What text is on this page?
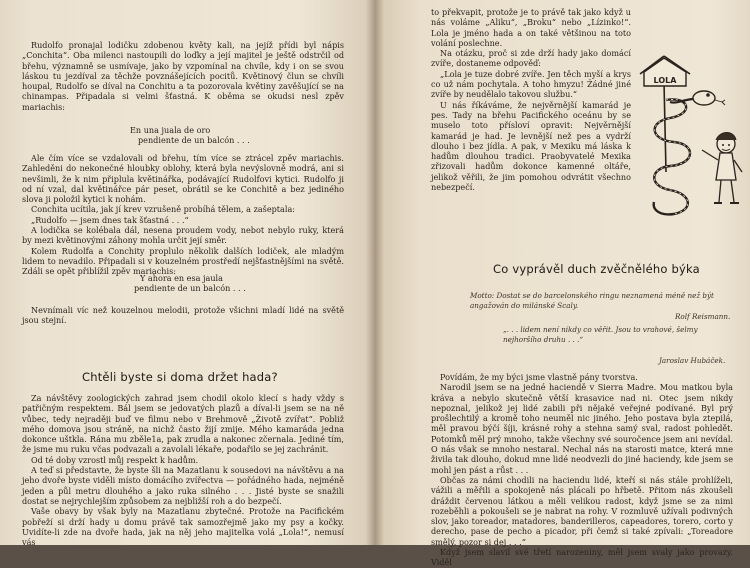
Rudolfo pronajal lodičku zdobenou květy kali, na jejíž přídi byl nápis „Conchita“. Oba milenci nastoupili do loďky a její majitel je ještě odstrčil od břehu, významně se usmívaje, jako by vzpomínal na chvíle, kdy i on se svou láskou tu jezdíval za těchže povznášejících pocitů. Květinový člun se chvíli houpal, Rudolfo se díval na Conchitu a ta pozorovala květiny zavěšující se na chinampas. Připadala si velmi šťastná. K oběma se okudsi nesl zpěv mariachis:

En una juala de oro
pendiente de un balcón . . .

Ale čím více se vzdalovali od břehu, tím více se ztrácel zpěv mariachis. Zahleděni do nekonečné hloubky oblohy, která byla nevýslovně modrá, ani si nevšimli, že k nim připlula květinářka, podávající Rudolfovi kytici. Rudolfo ji od ní vzal, dal květinářce pár peset, obrátil se ke Conchitě a bez jediného slova ji položil kytici k nohám.

Conchita ucítila, jak jí krev vzrušeně probíhá tělem, a zašeptala:

„Rudolfo — jsem dnes tak šťastná . . .“

A lodička se kolébala dál, nesena proudem vody, nebot nebylo ruky, která by mezi květinovými záhony mohla určit její směr.

Kolem Rudolfa a Conchity proplulo několik dalších lodiček, ale mladým lidem to nevadilo. Připadali si v kouzelném prostředí nejšťastnějšími na světě. Zdáli se opět přiblížil zpěv mariachis:

Y ahora en esa jaula
pendiente de un balcón . . .

Nevnímali víc než kouzelnou melodii, protože všichni mladí lidé na světě jsou stejní.

Chtěli byste si doma držet hada?

Za návštěvy zoologických zahrad jsem chodil okolo klecí s hady vždy s patřičným respektem. Bál jsem se jedovatých plazů a díval-li jsem se na ně vůbec, tedy nejraději buď ve filmu nebo v Brehmově „Životě zvířat“. Pobliž mého domova jsou stráně, na nichž často žijí zmije. Mého kamaráda jedna dokonce uštkla. Rána mu zběle1a, pak zrudla a nakonec zčernala. Jediné tím, že jsme mu ruku včas podvazali a zavolali lékaře, podařilo se jej zachránit.

Od té doby vzrostl můj respekt k hadům.

A teď si představte, že byste šli na Mazatlanu k sousedovi na návštěvu a na jeho dvoře byste viděli místo domácího zvířectva — pořádného hada, nejméně jeden a půl metru dlouhého a jako ruka silného . . . Jisté byste se snažili dostat se nejrychlejším způsobem za nejbližší roh a do bezpečí.

Vaše obavy by však byly na Mazatlanu zbytečné. Protože na Pacifickém pobřeží si drží hady u domu právě tak samozřejmě jako my psy a kočky. Uvidíte-li zde na dvoře hada, jak na něj jeho majitelka volá „Lola!“, nemusí vás

to překvapit, protože je to právě tak jako když u nás voláme „Aliku“, „Broku“ nebo „Lízinko!“. Lola je jméno hada a on také většinou na toto volání poslechne.

Na otázku, proč si zde drží hady jako domácí zvíře, dostaneme odpověď:

„Lola je tuze dobré zvíře. Jen těch myší a krys co už nám pochytala. A toho hmyzu! Žádné jiné zvíře by neudělalo takovou službu.“

U nás říkáváme, že nejvěrnější kamarád je pes. Tady na břehu Pacifického oceánu by se muselo toto přísloví opravit: Nejvěrnější kamarád je had. Je levnější než pes a vydrží dlouho i bez jídla. A pak, v Mexiku má láska k hadům dlouhou tradici. Praobyvatelé Mexika zřizovali hadům dokonce kamenné oltáře, jelikož věřili, že jim pomohou odvrátit všechno nebezpečí.

Co vyprávěl duch zvěčnělého býka
Motto: Dostat se do barcelonského ringu neznamená méně než být angažován do milánské Scaly.
Rolf Reismann.
„. . . lidem není nikdy co věřit. Jsou to vrahové, šelmy nejhoršího druhu . . .“
Jaroslav Hubáček.

Povídám, že my býci jsme vlastně pány tvorstva.

Narodil jsem se na jedné haciendě v Sierra Madre. Mou matkou byla kráva a nebylo skutečně větší krasavice nad ni. Otec jsem nikdy nepoznal, jelikož jej lidé zabili při nějaké veřejné podívané. Byl prý prošlechtilý a kromě toho neuměl nic jiného. Jeho postava byla ztepilá, měl pravou býčí šíji, krásné rohy a stehna samý sval, radost pohledět. Potomků měl prý mnoho, takže všechny své souročence jsem ani nevídal. O nás však se mnoho nestaral. Nechal nás na starosti matce, která mne živila tak dlouho, dokud mne lidé neodvezli do jiné haciendy, kde jsem se mohl jen pást a růst . . .

Občas za námi chodili na haciendu lidé, kteří si nás stále prohlíželi, vážili a měřili a spokojeně nás plácali po hřbetě. Přitom nás zkoušeli dráždit červenou látkou a měli velikou radost, když jsme se za nimi rozeběhli a pokoušeli se je nabrat na rohy. V rozmluvě užívali podivných slov, jako toreador, matadores, banderilleros, capeadores, torero, corto y derecho, pase de pecho a picador, při čemž si také zpívali: „Toreadore smělý, pozor si dej . . .“

Když jsem slavil své třetí narozeniny, měl jsem svaly jako provazy. Viděl

LOLA
